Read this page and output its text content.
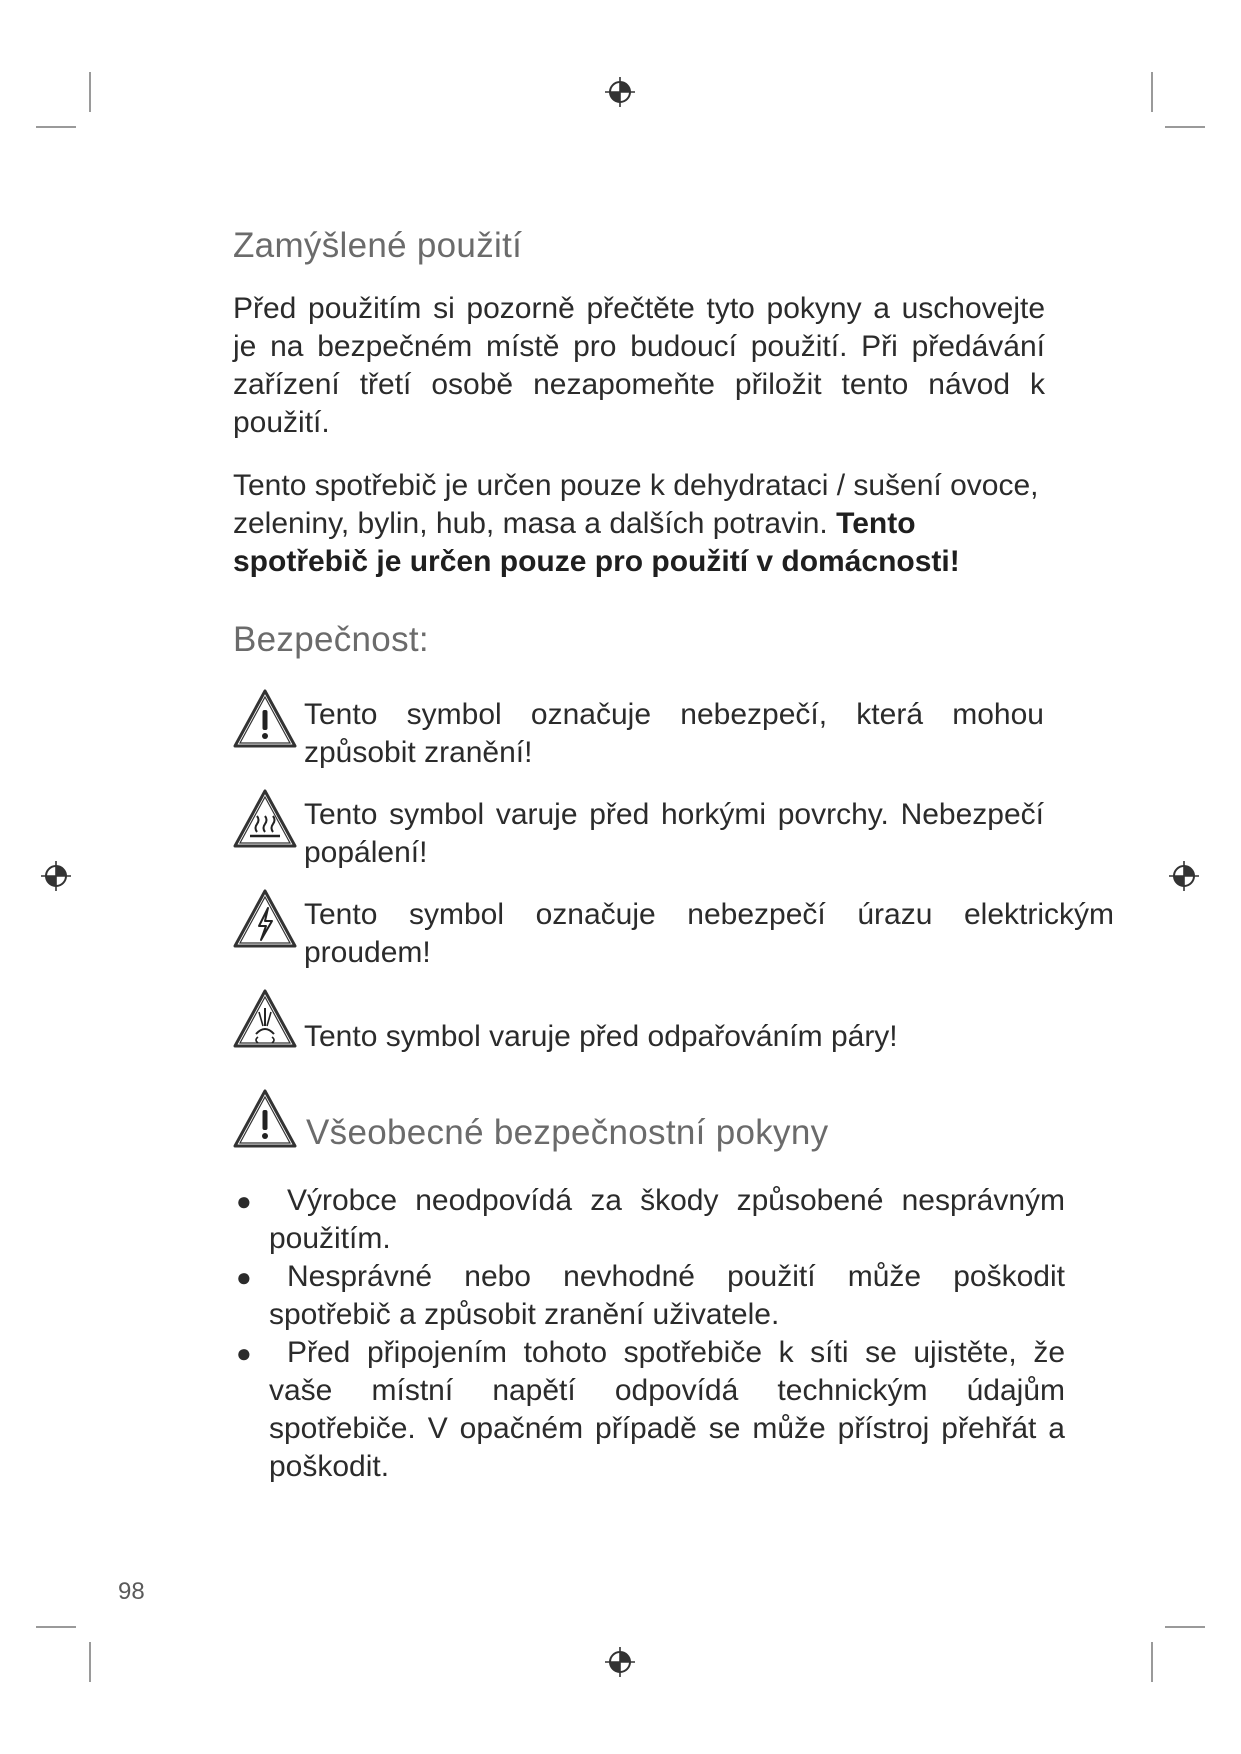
Zamýšlené použití

Před použitím si pozorně přečtěte tyto pokyny a uschovejte je na bezpečném místě pro budoucí použití. Při předávání zařízení třetí osobě nezapomeňte přiložit tento návod k použití.

Tento spotřebič je určen pouze k dehydrataci / sušení ovoce, zeleniny, bylin, hub, masa a dalších potravin. Tento spotřebič je určen pouze pro použití v domácnosti!

Bezpečnost:

Tento symbol označuje nebezpečí, která mohou způsobit zranění!

Tento symbol varuje před horkými povrchy. Nebezpečí popálení!

Tento symbol označuje nebezpečí úrazu elektrickým proudem!

Tento symbol varuje před odpařováním páry!

Všeobecné bezpečnostní pokyny
● Výrobce neodpovídá za škody způsobené nesprávným použitím.
● Nesprávné nebo nevhodné použití může poškodit spotřebič a způsobit zranění uživatele.
● Před připojením tohoto spotřebiče k síti se ujistěte, že vaše místní napětí odpovídá technickým údajům spotřebiče. V opačném případě se může přístroj přehřát a poškodit.
98
